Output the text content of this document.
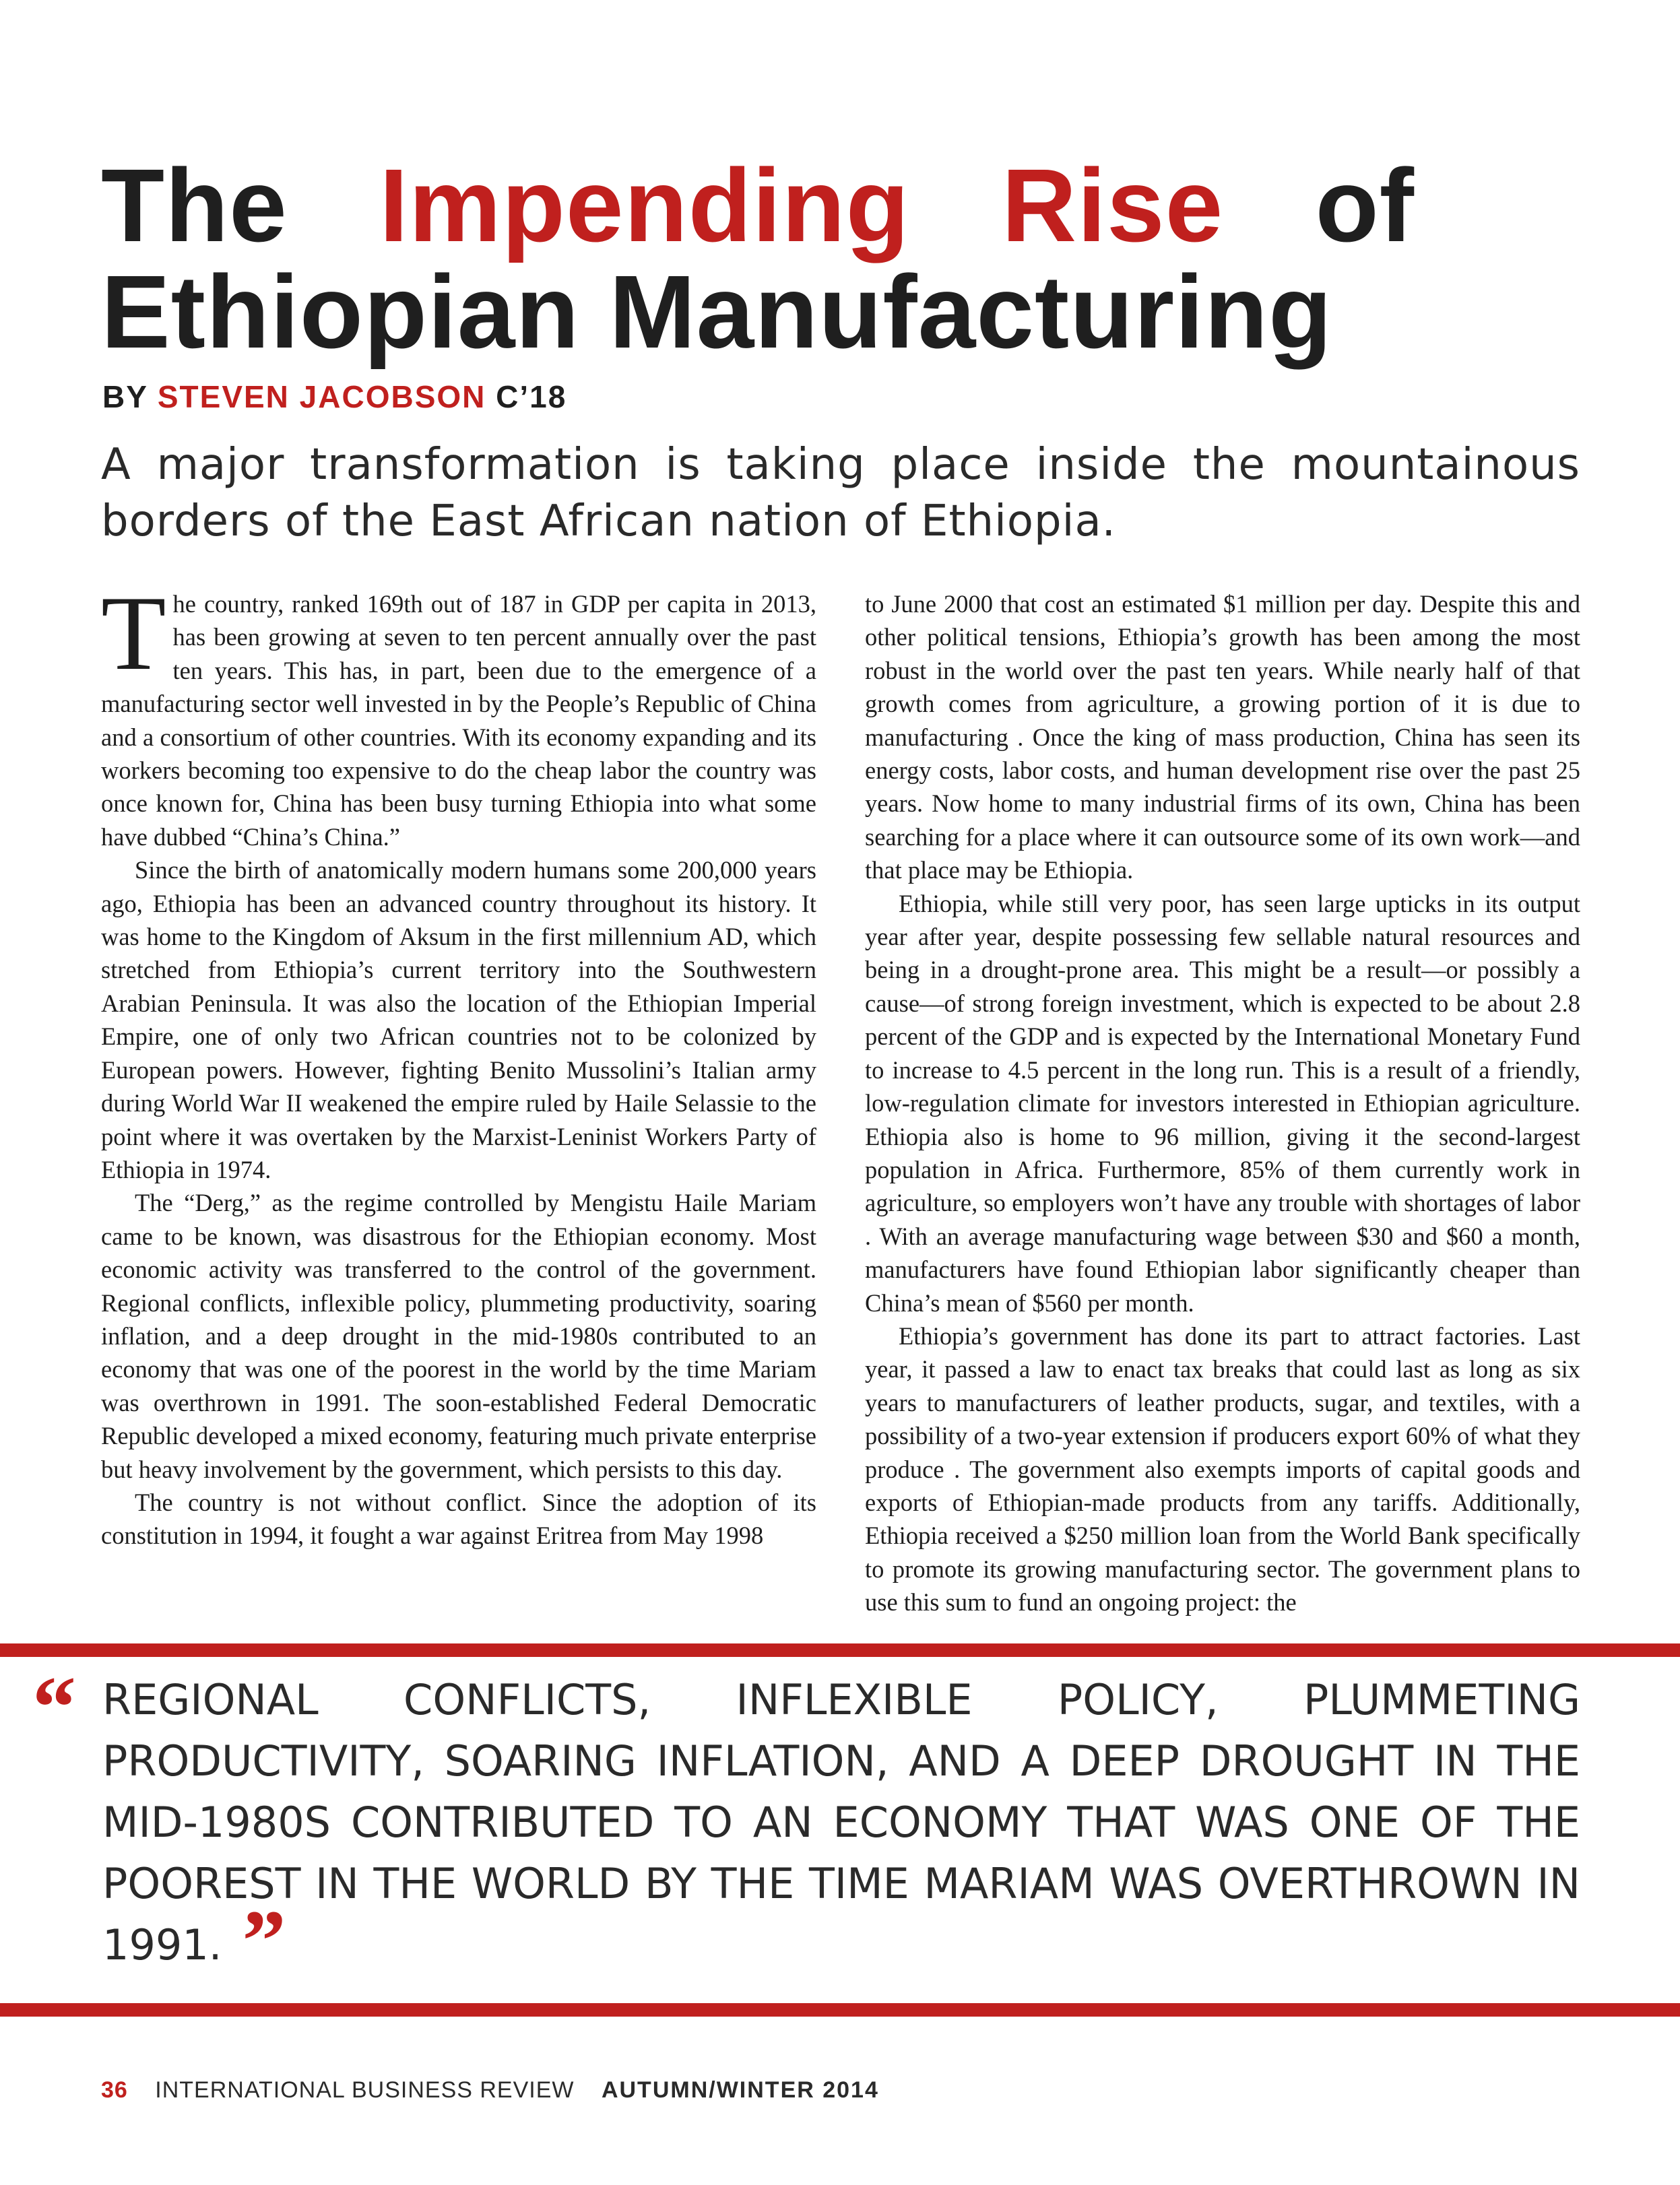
The Impending Rise of
Ethiopian Manufacturing
BY STEVEN JACOBSON C’18
A major transformation is taking place inside the mountainous borders of the East African nation of Ethiopia.

The country, ranked 169th out of 187 in GDP per capita in 2013, has been growing at seven to ten percent annually over the past ten years. This has, in part, been due to the emergence of a manufacturing sector well invested in by the People’s Republic of China and a consortium of other countries. With its economy expanding and its workers becoming too expensive to do the cheap labor the country was once known for, China has been busy turning Ethiopia into what some have dubbed “China’s China.”

Since the birth of anatomically modern humans some 200,000 years ago, Ethiopia has been an advanced country throughout its history. It was home to the Kingdom of Aksum in the first millennium AD, which stretched from Ethiopia’s current territory into the Southwestern Arabian Peninsula. It was also the location of the Ethiopian Imperial Empire, one of only two African countries not to be colonized by European powers. However, fighting Benito Mussolini’s Italian army during World War II weakened the empire ruled by Haile Selassie to the point where it was overtaken by the Marxist-Leninist Workers Party of Ethiopia in 1974.

The “Derg,” as the regime controlled by Mengistu Haile Mariam came to be known, was disastrous for the Ethiopian economy. Most economic activity was transferred to the control of the government. Regional conflicts, inflexible policy, plummeting productivity, soaring inflation, and a deep drought in the mid-1980s contributed to an economy that was one of the poorest in the world by the time Mariam was overthrown in 1991. The soon-established Federal Democratic Republic developed a mixed economy, featuring much private enterprise but heavy involvement by the government, which persists to this day.

The country is not without conflict. Since the adoption of its constitution in 1994, it fought a war against Eritrea from May 1998

to June 2000 that cost an estimated $1 million per day. Despite this and other political tensions, Ethiopia’s growth has been among the most robust in the world over the past ten years. While nearly half of that growth comes from agriculture, a growing portion of it is due to manufacturing . Once the king of mass production, China has seen its energy costs, labor costs, and human development rise over the past 25 years. Now home to many industrial firms of its own, China has been searching for a place where it can outsource some of its own work—and that place may be Ethiopia.

Ethiopia, while still very poor, has seen large upticks in its output year after year, despite possessing few sellable natural resources and being in a drought-prone area. This might be a result—or possibly a cause—of strong foreign investment, which is expected to be about 2.8 percent of the GDP and is expected by the International Monetary Fund to increase to 4.5 percent in the long run. This is a result of a friendly, low-regulation climate for investors interested in Ethiopian agriculture. Ethiopia also is home to 96 million, giving it the second-largest population in Africa. Furthermore, 85% of them currently work in agriculture, so employers won’t have any trouble with shortages of labor . With an average manufacturing wage between $30 and $60 a month, manufacturers have found Ethiopian labor significantly cheaper than China’s mean of $560 per month.

Ethiopia’s government has done its part to attract factories. Last year, it passed a law to enact tax breaks that could last as long as six years to manufacturers of leather products, sugar, and textiles, with a possibility of a two-year extension if producers export 60% of what they produce . The government also exempts imports of capital goods and exports of Ethiopian-made products from any tariffs. Additionally, Ethiopia received a $250 million loan from the World Bank specifically to promote its growing manufacturing sector. The government plans to use this sum to fund an ongoing project: the

“ REGIONAL CONFLICTS, INFLEXIBLE POLICY, PLUMMETING PRODUCTIVITY, SOARING INFLATION, AND A DEEP DROUGHT IN THE MID-1980S CONTRIBUTED TO AN ECONOMY THAT WAS ONE OF THE POOREST IN THE WORLD BY THE TIME MARIAM WAS OVERTHROWN IN 1991. ”
36 INTERNATIONAL BUSINESS REVIEW AUTUMN/WINTER 2014
